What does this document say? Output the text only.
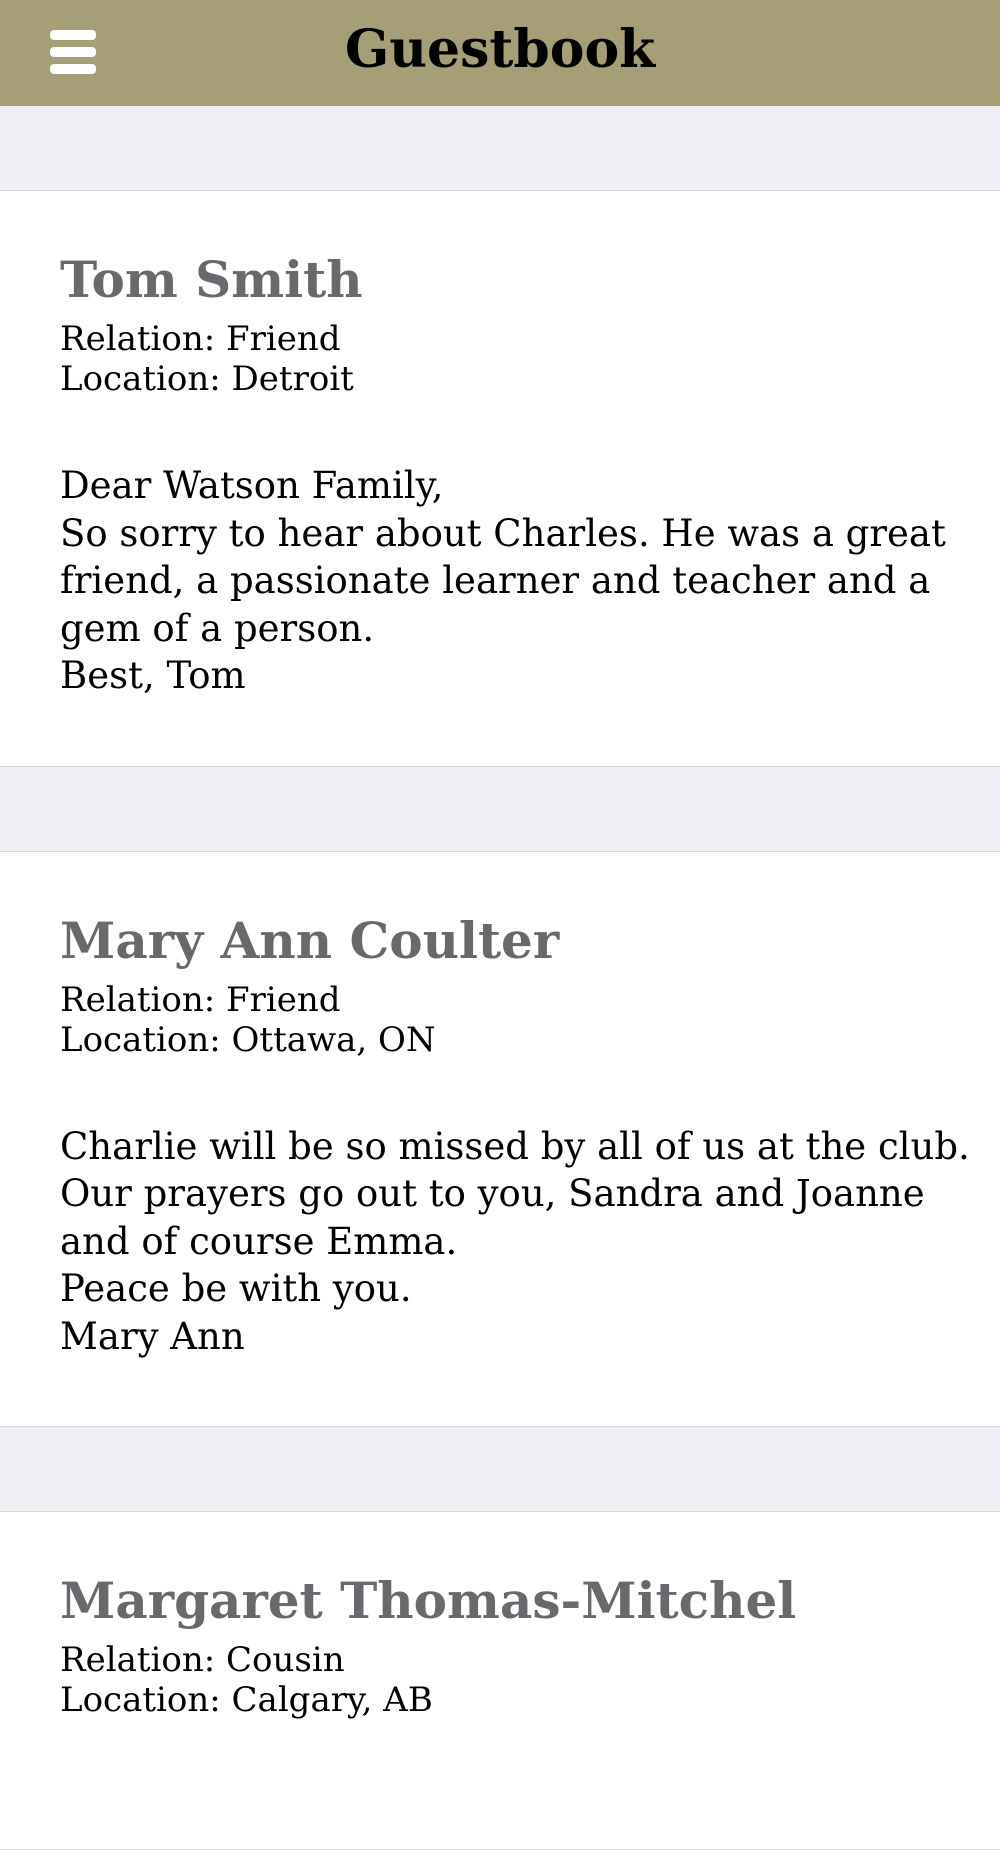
Guestbook
Tom Smith
Relation: Friend
Location: Detroit
Dear Watson Family,
So sorry to hear about Charles. He was a great
friend, a passionate learner and teacher and a
gem of a person.
Best, Tom
Mary Ann Coulter
Relation: Friend
Location: Ottawa, ON
Charlie will be so missed by all of us at the club.
Our prayers go out to you, Sandra and Joanne
and of course Emma.
Peace be with you.
Mary Ann
Margaret Thomas-Mitchel
Relation: Cousin
Location: Calgary, AB
